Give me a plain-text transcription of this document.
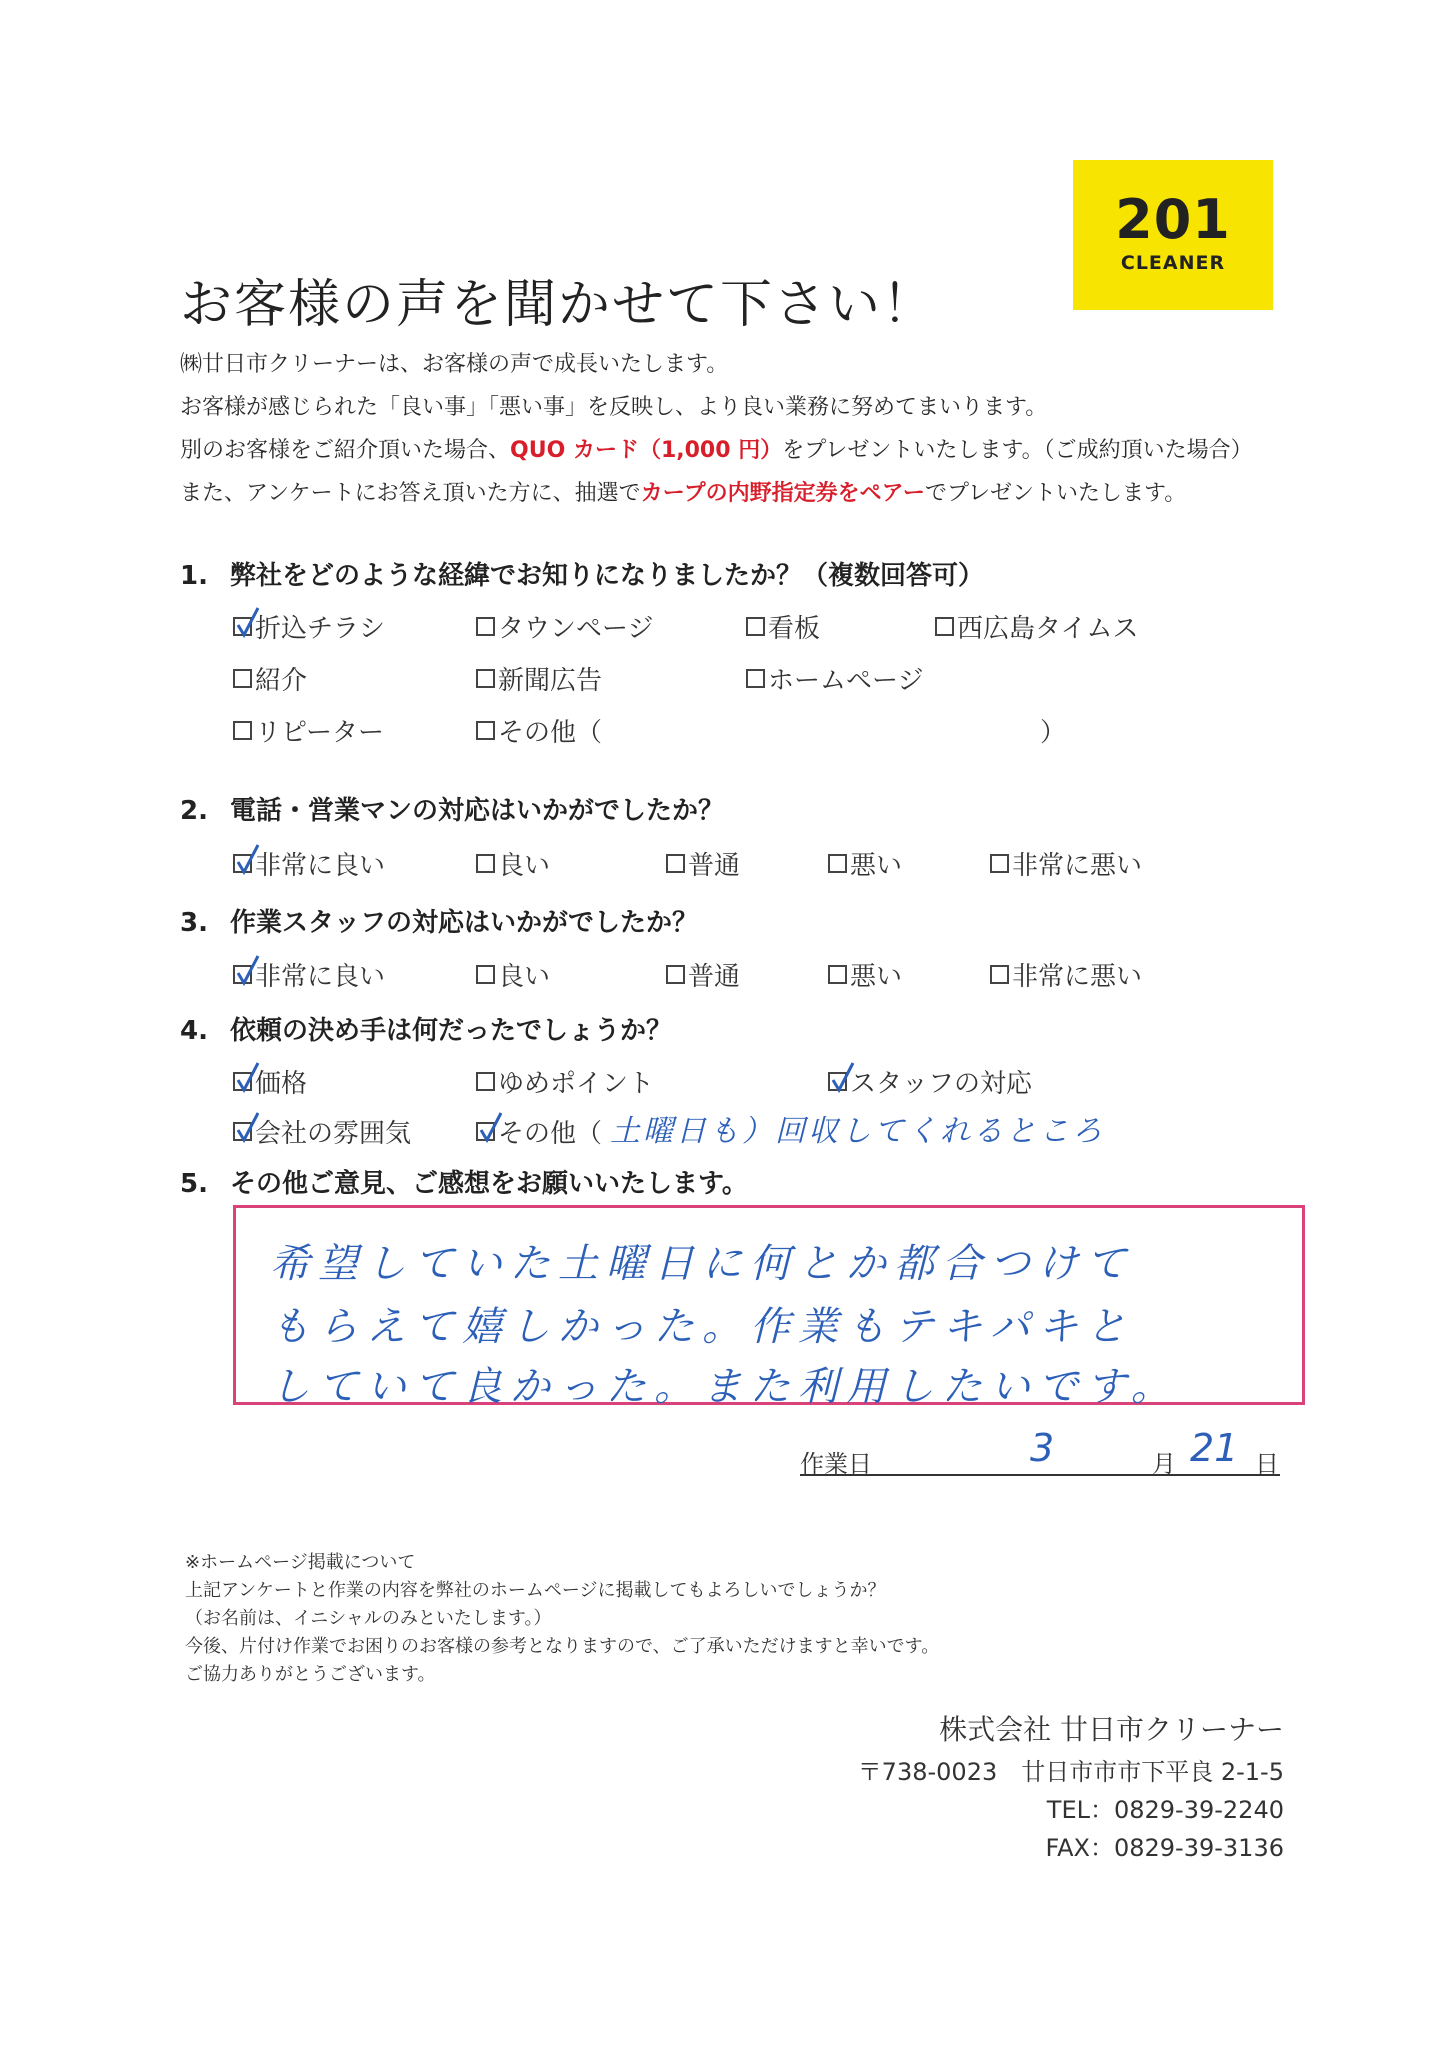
201
CLEANER
お客様の声を聞かせて下さい！
㈱廿日市クリーナーは、お客様の声で成長いたします。
お客様が感じられた「良い事」「悪い事」を反映し、より良い業務に努めてまいります。
別のお客様をご紹介頂いた場合、QUO カード（1,000 円）をプレゼントいたします。（ご成約頂いた場合）
また、アンケートにお答え頂いた方に、抽選でカープの内野指定券をペアーでプレゼントいたします。
1. 弊社をどのような経緯でお知りになりましたか？（複数回答可）
折込チラシ	タウンページ	看板	西広島タイムス
紹介	新聞広告	ホームページ
リピーター	その他（	）
2. 電話・営業マンの対応はいかがでしたか？
非常に良い	良い	普通	悪い	非常に悪い
3. 作業スタッフの対応はいかがでしたか？
非常に良い	良い	普通	悪い	非常に悪い
4. 依頼の決め手は何だったでしょうか？
価格	ゆめポイント	スタッフの対応
会社の雰囲気	その他（ 土曜日も）回収してくれるところ
5. その他ご意見、ご感想をお願いいたします。
希望していた土曜日に何とか都合つけて
もらえて嬉しかった。作業もテキパキと
していて良かった。また利用したいです。
作業日	3	月 21 日
※ホームページ掲載について
上記アンケートと作業の内容を弊社のホームページに掲載してもよろしいでしょうか？
（お名前は、イニシャルのみといたします。）
今後、片付け作業でお困りのお客様の参考となりますので、ご了承いただけますと幸いです。
ご協力ありがとうございます。
株式会社 廿日市クリーナー
〒738-0023　廿日市市市下平良 2-1-5
TEL：0829-39-2240
FAX：0829-39-3136
